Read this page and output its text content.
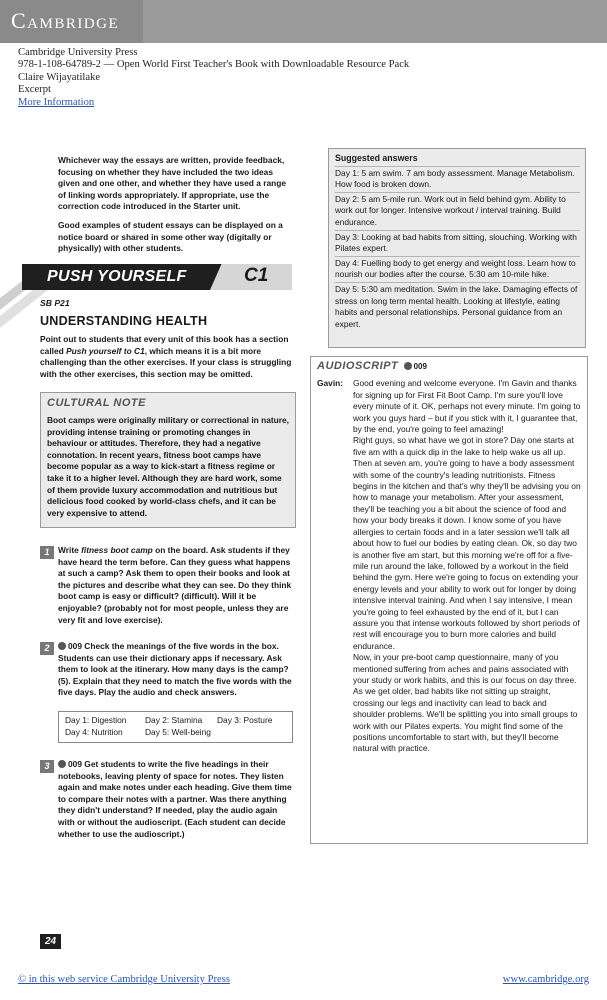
Cambridge
Cambridge University Press
978-1-108-64789-2 — Open World First Teacher's Book with Downloadable Resource Pack
Claire Wijayatilake
Excerpt
More Information

Whichever way the essays are written, provide feedback, focusing on whether they have included the two ideas given and one other, and whether they have used a range of linking words appropriately. If appropriate, use the correction code introduced in the Starter unit.

Good examples of student essays can be displayed on a notice board or shared in some other way (digitally or physically) with other students.

PUSH YOURSELF	C1
SB P21
UNDERSTANDING HEALTH

Point out to students that every unit of this book has a section called Push yourself to C1, which means it is a bit more challenging than the other exercises. If your class is struggling with the other exercises, this section may be omitted.

CULTURAL NOTE
Boot camps were originally military or correctional in nature, providing intense training or promoting changes in behaviour or attitudes. Therefore, they had a negative connotation. In recent years, fitness boot camps have become popular as a way to kick-start a fitness regime or take it to a higher level. Although they are hard work, some of them provide luxury accommodation and nutritious but delicious food cooked by world-class chefs, and it can be very expensive to attend.
1	Write fitness boot camp on the board. Ask students if they have heard the term before. Can they guess what happens at such a camp? Ask them to open their books and look at the pictures and describe what they can see. Do they think boot camp is easy or difficult? (difficult). Will it be enjoyable? (probably not for most people, unless they are very fit and love exercise).
2	009 Check the meanings of the five words in the box. Students can use their dictionary apps if necessary. Ask them to look at the itinerary. How many days is the camp? (5). Explain that they need to match the five words with the five days. Play the audio and check answers.
Day 1: Digestion Day 2: Stamina Day 3: Posture
Day 4: Nutrition	Day 5: Well-being
3	009 Get students to write the five headings in their notebooks, leaving plenty of space for notes. They listen again and make notes under each heading. Give them time to compare their notes with a partner. Was there anything they didn't understand? If needed, play the audio again with or without the audioscript. (Each student can decide whether to use the audioscript.)
24
Suggested answers
Day 1: 5 am swim. 7 am body assessment. Manage Metabolism. How food is broken down.
Day 2: 5 am 5-mile run. Work out in field behind gym. Ability to work out for longer. Intensive workout / interval training. Build endurance.
Day 3: Looking at bad habits from sitting, slouching. Working with Pilates expert.
Day 4: Fuelling body to get energy and weight loss. Learn how to nourish our bodies after the course. 5:30 am 10-mile hike.
Day 5: 5:30 am meditation. Swim in the lake. Damaging effects of stress on long term mental health. Looking at lifestyle, eating habits and personal relationships. Personal guidance from an expert.
AUDIOSCRIPT 009
Gavin: Good evening and welcome everyone. I'm Gavin and thanks for signing up for First Fit Boot Camp. I'm sure you'll love every minute of it. OK, perhaps not every minute. I'm going to work you guys hard – but if you stick with it, I guarantee that, by the end, you're going to feel amazing!
Right guys, so what have we got in store? Day one starts at five am with a quick dip in the lake to help wake us all up. Then at seven am, you're going to have a body assessment with some of the country's leading nutritionists. Fitness begins in the kitchen and that's why they'll be advising you on how to manage your metabolism. After your assessment, they'll be teaching you a bit about the science of food and how your body breaks it down. I know some of you have allergies to certain foods and in a later session we'll talk all about how to fuel our bodies by eating clean. Ok, so day two is another five am start, but this morning we're off for a five-mile run around the lake, followed by a workout in the field behind the gym. Here we're going to focus on extending your energy levels and your ability to work out for longer by doing intensive interval training. And when I say intensive, I mean you're going to feel exhausted by the end of it, but I can assure you that intense workouts followed by short periods of rest will encourage you to burn more calories and build endurance.
Now, in your pre-boot camp questionnaire, many of you mentioned suffering from aches and pains associated with your study or work habits, and this is our focus on day three. As we get older, bad habits like not sitting up straight, crossing our legs and inactivity can lead to back and shoulder problems. We'll be splitting you into small groups to work with our Pilates experts. You might find some of the positions uncomfortable to start with, but they'll become natural with practice.
© in this web service Cambridge University Press	www.cambridge.org
